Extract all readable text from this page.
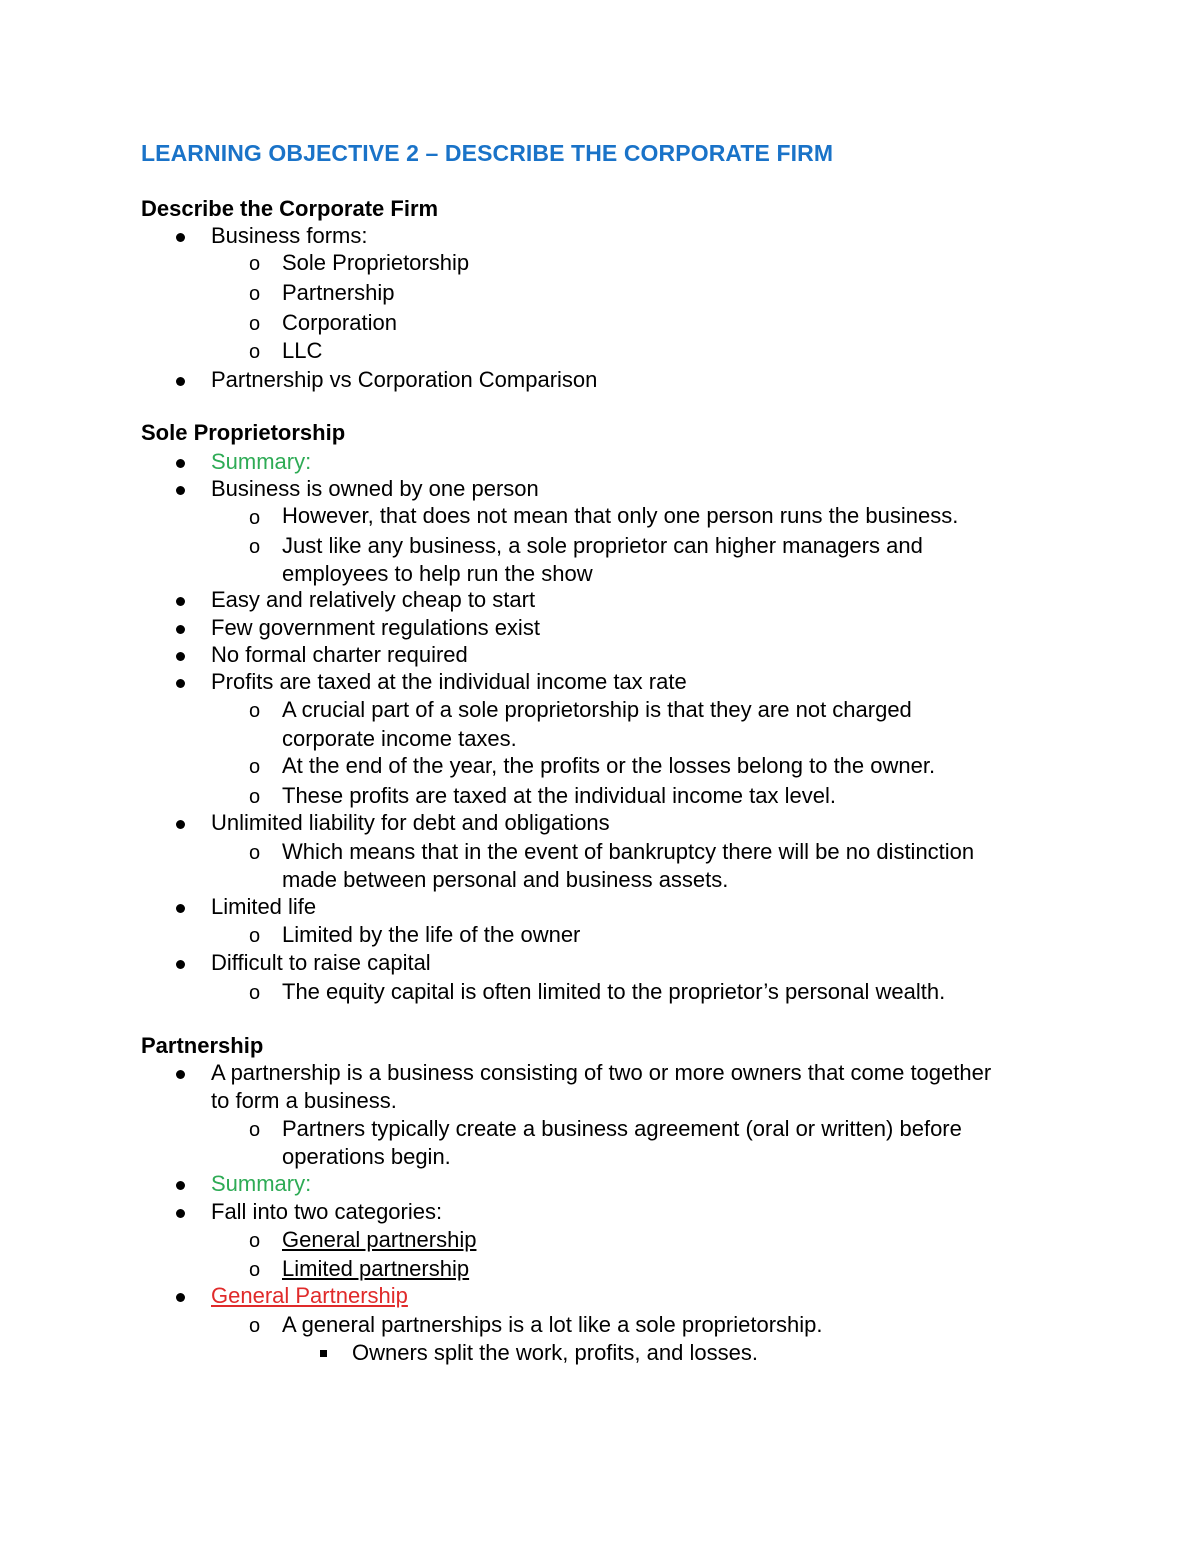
LEARNING OBJECTIVE 2 – DESCRIBE THE CORPORATE FIRM
Describe the Corporate Firm
Business forms:
o Sole Proprietorship
o Partnership
o Corporation
o LLC
Partnership vs Corporation Comparison
Sole Proprietorship
Summary:
Business is owned by one person
o However, that does not mean that only one person runs the business.
o Just like any business, a sole proprietor can higher managers and
employees to help run the show
Easy and relatively cheap to start
Few government regulations exist
No formal charter required
Profits are taxed at the individual income tax rate
o A crucial part of a sole proprietorship is that they are not charged
corporate income taxes.
o At the end of the year, the profits or the losses belong to the owner.
o These profits are taxed at the individual income tax level.
Unlimited liability for debt and obligations
o Which means that in the event of bankruptcy there will be no distinction
made between personal and business assets.
Limited life
o Limited by the life of the owner
Difficult to raise capital
o The equity capital is often limited to the proprietor’s personal wealth.
Partnership
A partnership is a business consisting of two or more owners that come together
to form a business.
o Partners typically create a business agreement (oral or written) before
operations begin.
Summary:
Fall into two categories:
o General partnership
o Limited partnership
General Partnership
o A general partnerships is a lot like a sole proprietorship.
Owners split the work, profits, and losses.
